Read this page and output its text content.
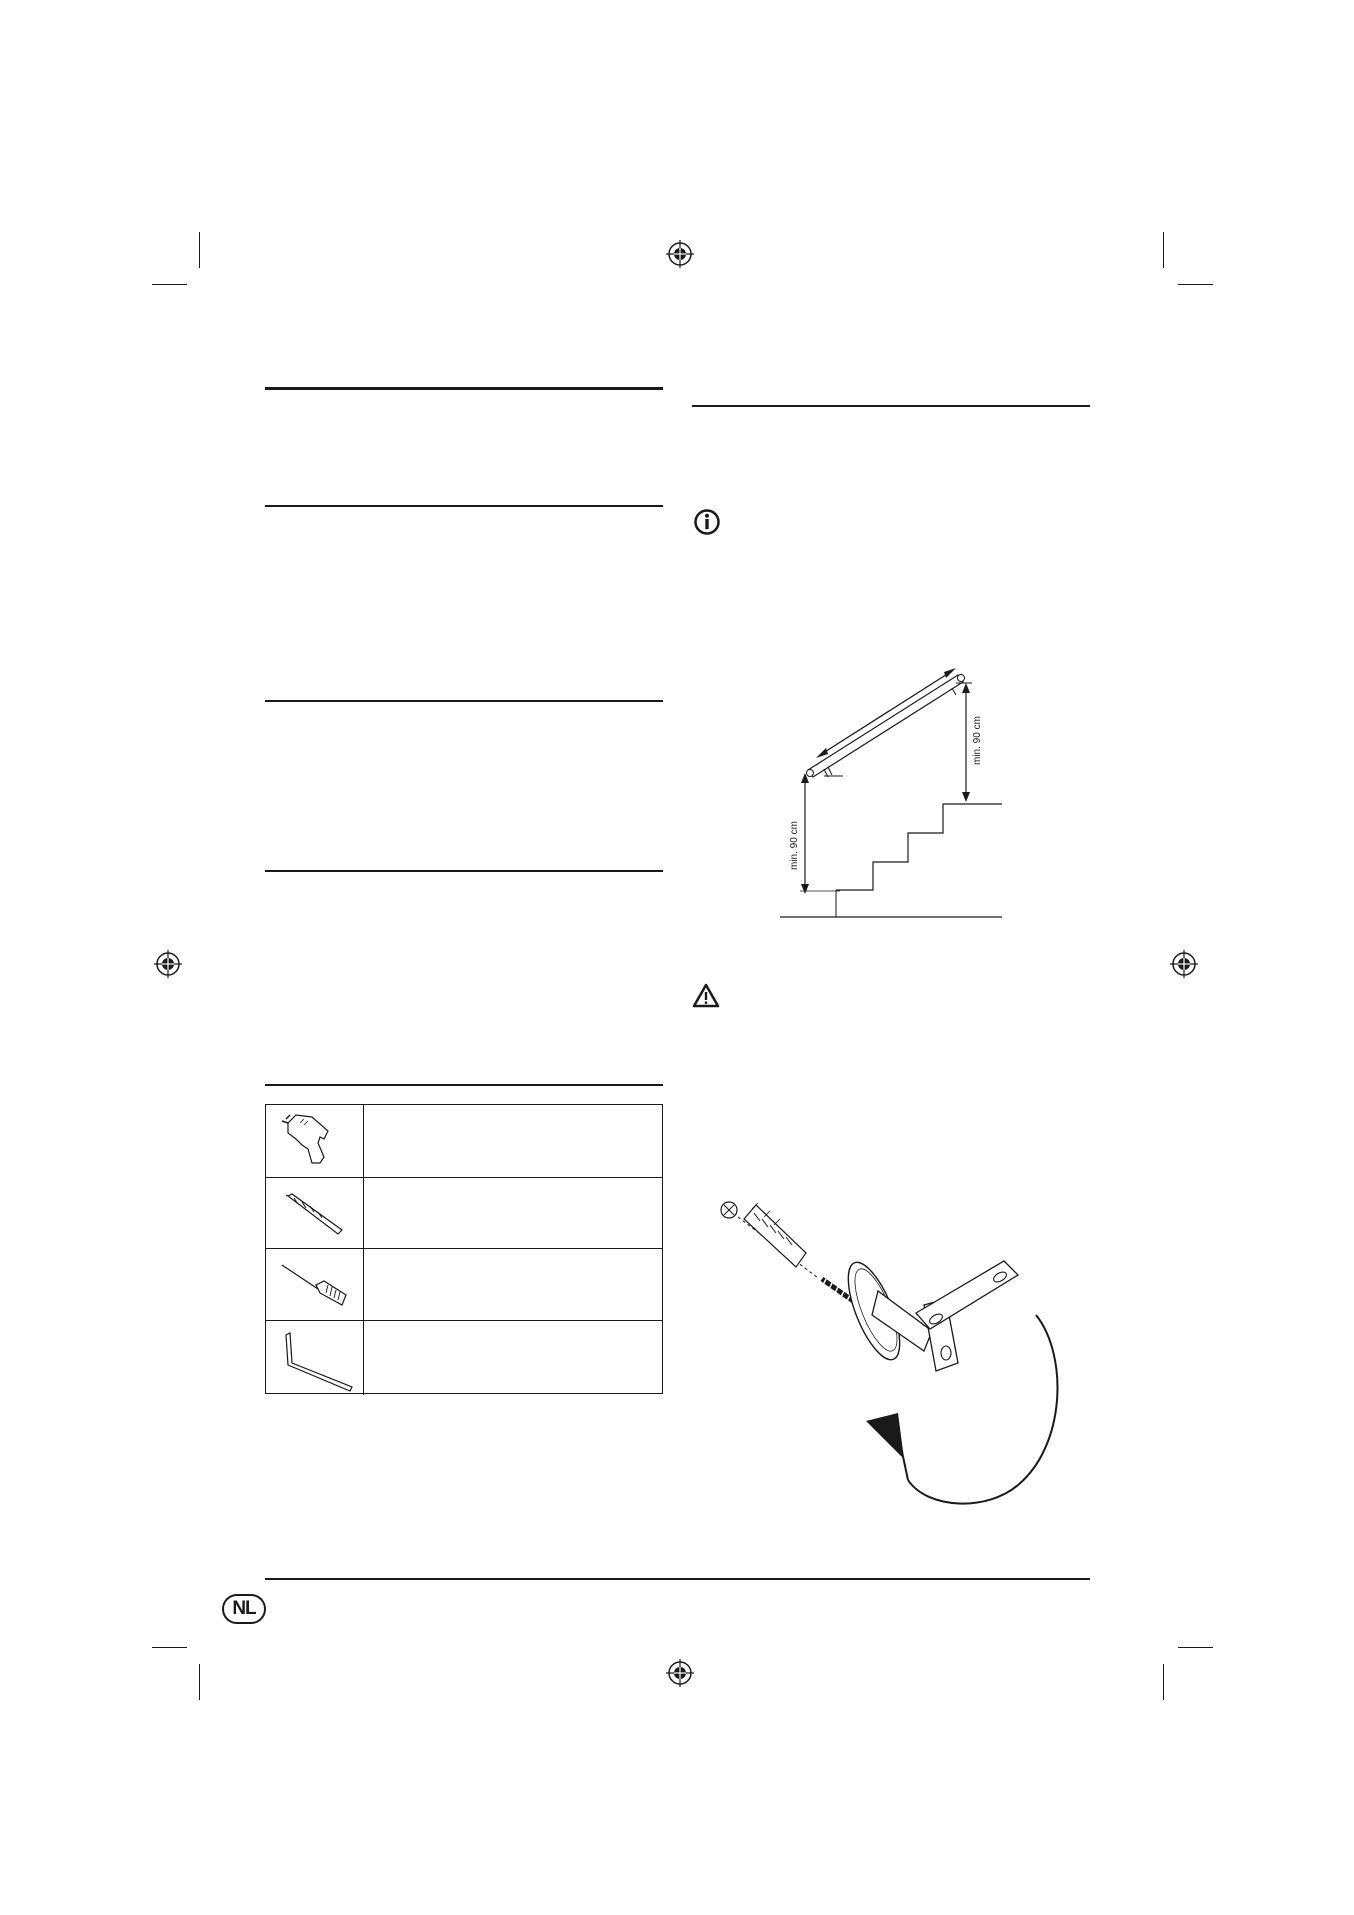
min. 90 cm
min. 90 cm
NL
